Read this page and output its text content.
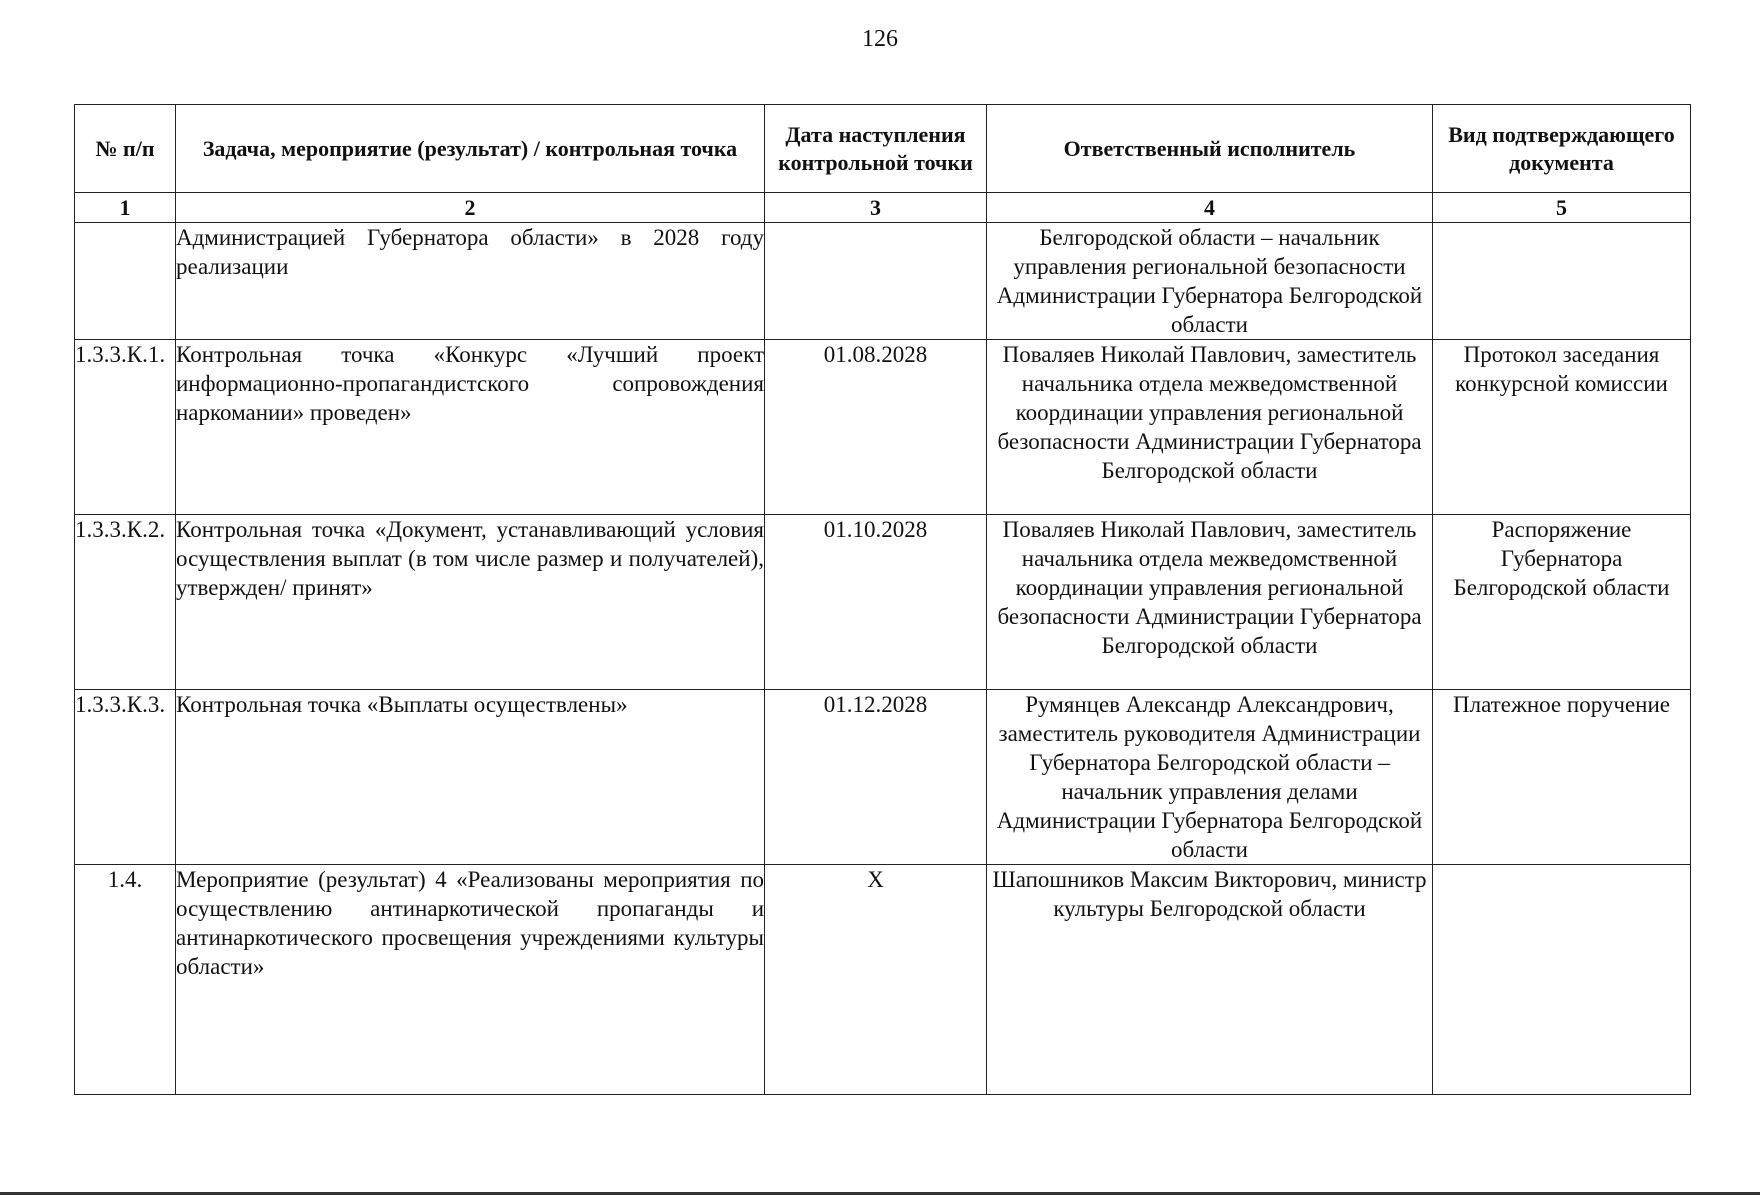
126
№ п/п	Задача, мероприятие (результат) / контрольная точка	Дата наступления контрольной точки	Ответственный исполнитель	Вид подтверждающего документа
1	2	3	4	5
	Администрацией Губернатора области» в 2028 году реализации		Белгородской области – начальник управления региональной безопасности Администрации Губернатора Белгородской области	
1.3.3.К.1.	Контрольная точка «Конкурс «Лучший проект информационно-пропагандистского сопровождения наркомании» проведен»	01.08.2028	Поваляев Николай Павлович, заместитель начальника отдела межведомственной координации управления региональной безопасности Администрации Губернатора Белгородской области	Протокол заседания конкурсной комиссии
1.3.3.К.2.	Контрольная точка «Документ, устанавливающий условия осуществления выплат (в том числе размер и получателей), утвержден/ принят»	01.10.2028	Поваляев Николай Павлович, заместитель начальника отдела межведомственной координации управления региональной безопасности Администрации Губернатора Белгородской области	Распоряжение Губернатора Белгородской области
1.3.3.К.3.	Контрольная точка «Выплаты осуществлены»	01.12.2028	Румянцев Александр Александрович, заместитель руководителя Администрации Губернатора Белгородской области – начальник управления делами Администрации Губернатора Белгородской области	Платежное поручение
1.4.	Мероприятие (результат) 4 «Реализованы мероприятия по осуществлению антинаркотической пропаганды и антинаркотического просвещения учреждениями культуры области»	Х	Шапошников Максим Викторович, министр культуры Белгородской области	
